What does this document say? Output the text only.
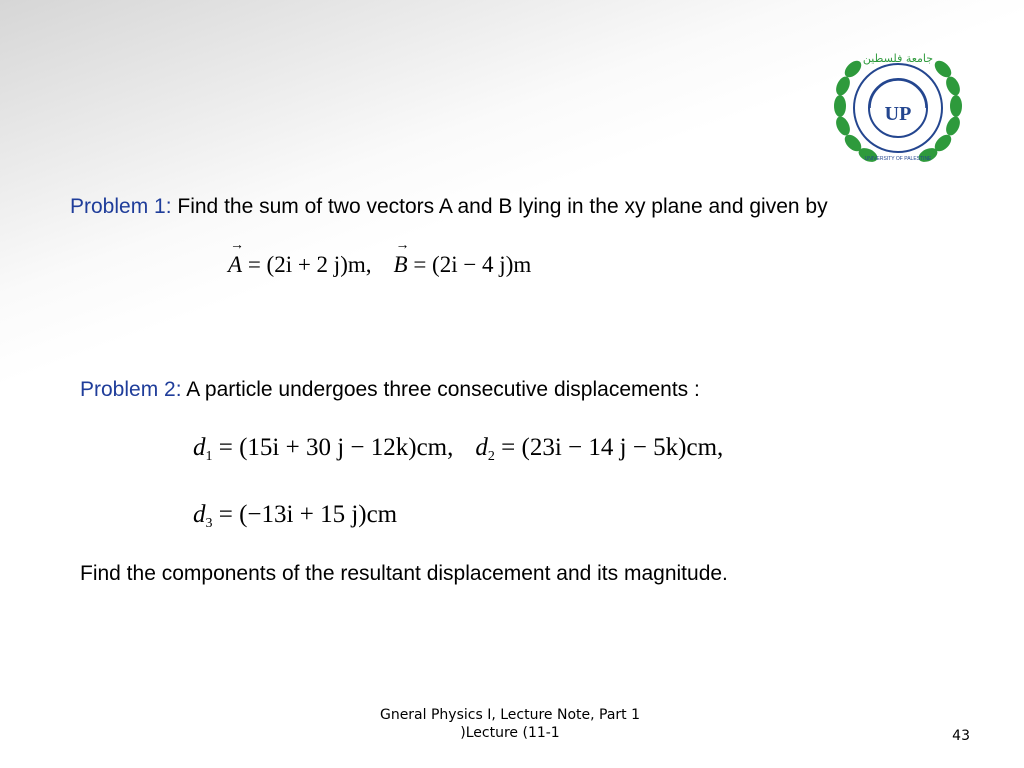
UP
جامعة فلسطين
UNIVERSITY OF PALESTINE
Problem 1: Find the sum of two vectors A and B lying in the xy plane and given by
→ A = (2i + 2 j)m,→ B = (2i − 4 j)m
Problem 2: A particle undergoes three consecutive displacements :
$d_1 = (15i + 30$ j − 12k)cm, $d_2 = (23i - 14$ j − 5k)cm,
$d_3 = (-13i + 15$ j)cm
Find the components of the resultant displacement and its magnitude.
Gneral Physics I, Lecture Note, Part 1
)Lecture (11-1	43
